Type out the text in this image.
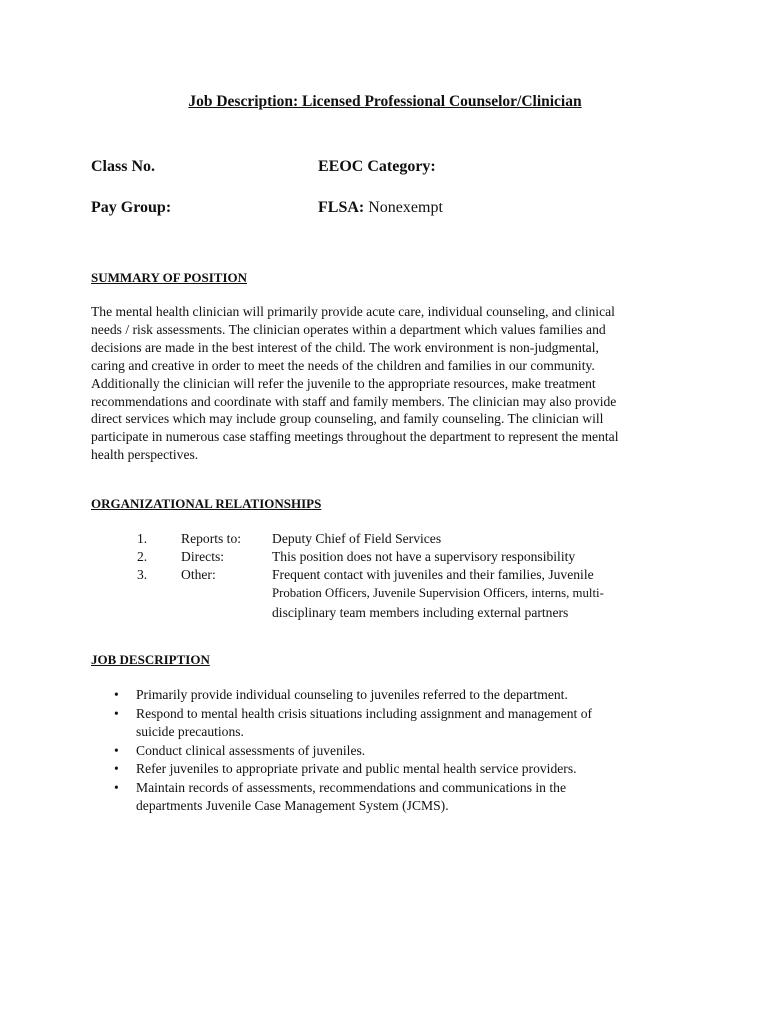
Job Description: Licensed Professional Counselor/Clinician
Class No.	EEOC Category:
Pay Group:	FLSA: Nonexempt
SUMMARY OF POSITION
The mental health clinician will primarily provide acute care, individual counseling, and clinical
needs / risk assessments. The clinician operates within a department which values families and
decisions are made in the best interest of the child. The work environment is non-judgmental,
caring and creative in order to meet the needs of the children and families in our community.
Additionally the clinician will refer the juvenile to the appropriate resources, make treatment
recommendations and coordinate with staff and family members. The clinician may also provide
direct services which may include group counseling, and family counseling. The clinician will
participate in numerous case staffing meetings throughout the department to represent the mental
health perspectives.
ORGANIZATIONAL RELATIONSHIPS
1. Reports to: Deputy Chief of Field Services
2. Directs:	This position does not have a supervisory responsibility
3. Other:	Frequent contact with juveniles and their families, Juvenile
Probation Officers, Juvenile Supervision Officers, interns, multi-
disciplinary team members including external partners
JOB DESCRIPTION
• Primarily provide individual counseling to juveniles referred to the department.
• Respond to mental health crisis situations including assignment and management of
suicide precautions.
• Conduct clinical assessments of juveniles.
• Refer juveniles to appropriate private and public mental health service providers.
• Maintain records of assessments, recommendations and communications in the
departments Juvenile Case Management System (JCMS).
